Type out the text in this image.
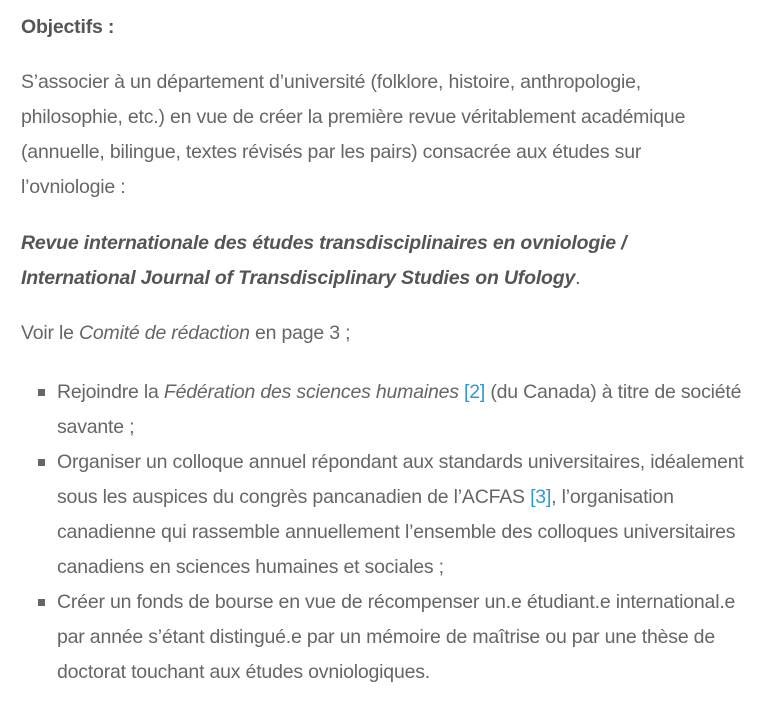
Objectifs :

S’associer à un département d’université (folklore, histoire, anthropologie, philosophie, etc.) en vue de créer la première revue véritablement académique (annuelle, bilingue, textes révisés par les pairs) consacrée aux études sur l’ovniologie :

Revue internationale des études transdisciplinaires en ovniologie /
International Journal of Transdisciplinary Studies on Ufology.

Voir le Comité de rédaction en page 3 ;

Rejoindre la Fédération des sciences humaines [2] (du Canada) à titre de société savante ;
Organiser un colloque annuel répondant aux standards universitaires, idéalement sous les auspices du congrès pancanadien de l’ACFAS [3], l’organisation canadienne qui rassemble annuellement l’ensemble des colloques universitaires canadiens en sciences humaines et sociales ;
Créer un fonds de bourse en vue de récompenser un.e étudiant.e international.e par année s’étant distingué.e par un mémoire de maîtrise ou par une thèse de doctorat touchant aux études ovniologiques.
